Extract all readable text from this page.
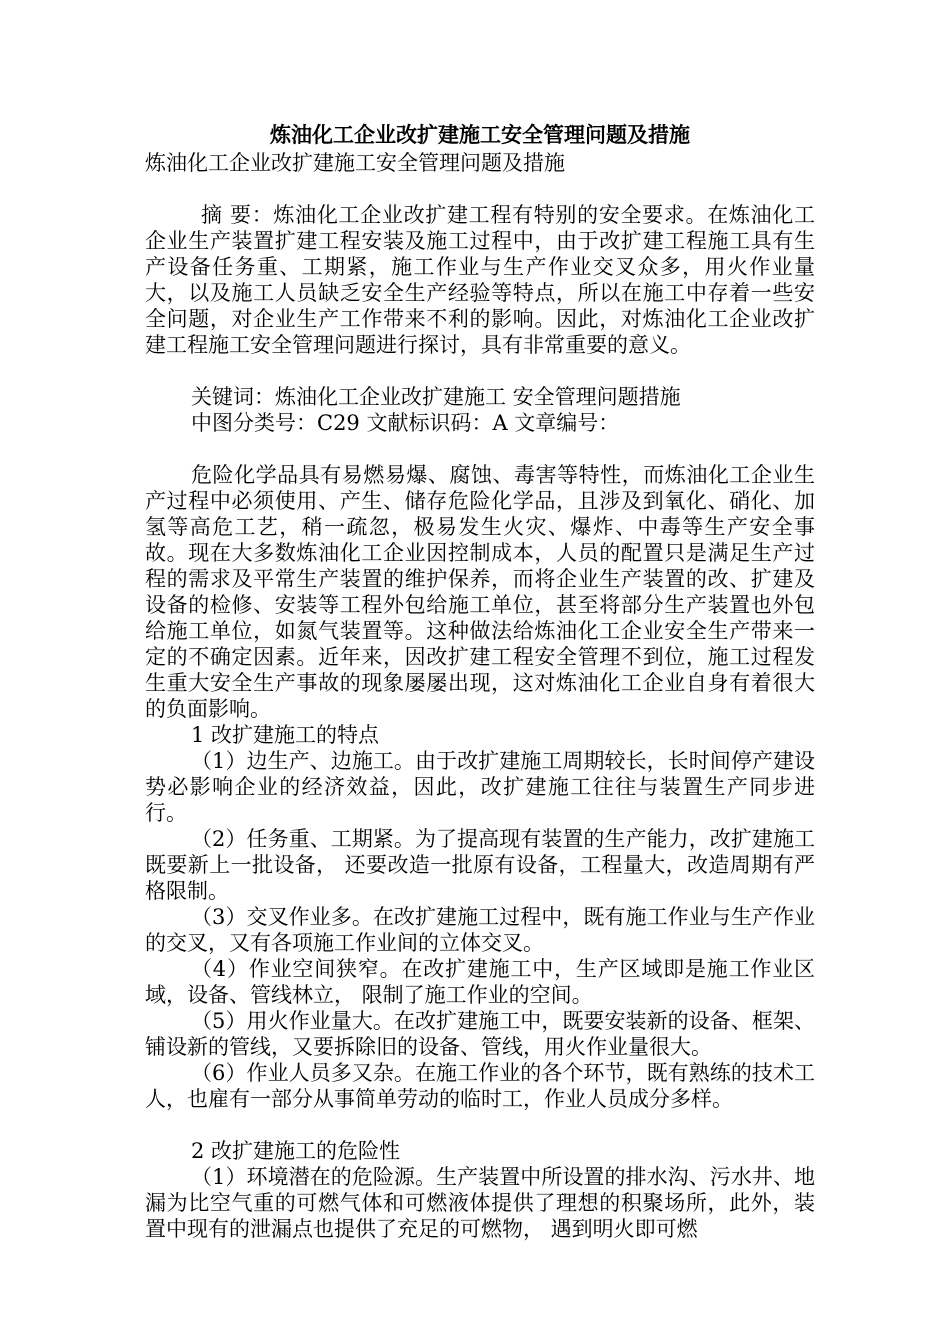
炼油化工企业改扩建施工安全管理问题及措施

炼油化工企业改扩建施工安全管理问题及措施

摘 要：炼油化工企业改扩建工程有特别的安全要求。在炼油化工企业生产装置扩建工程安装及施工过程中，由于改扩建工程施工具有生产设备任务重、工期紧，施工作业与生产作业交叉众多，用火作业量大，以及施工人员缺乏安全生产经验等特点，所以在施工中存着一些安全问题，对企业生产工作带来不利的影响。因此，对炼油化工企业改扩建工程施工安全管理问题进行探讨，具有非常重要的意义。

关键词：炼油化工企业改扩建施工 安全管理问题措施

中图分类号：C29 文献标识码：A 文章编号：

危险化学品具有易燃易爆、腐蚀、毒害等特性，而炼油化工企业生产过程中必须使用、产生、储存危险化学品，且涉及到氧化、硝化、加氢等高危工艺，稍一疏忽，极易发生火灾、爆炸、中毒等生产安全事故。现在大多数炼油化工企业因控制成本，人员的配置只是满足生产过程的需求及平常生产装置的维护保养，而将企业生产装置的改、扩建及设备的检修、安装等工程外包给施工单位，甚至将部分生产装置也外包给施工单位，如氮气装置等。这种做法给炼油化工企业安全生产带来一定的不确定因素。近年来，因改扩建工程安全管理不到位，施工过程发生重大安全生产事故的现象屡屡出现，这对炼油化工企业自身有着很大的负面影响。

1 改扩建施工的特点

（1）边生产、边施工。由于改扩建施工周期较长，长时间停产建设势必影响企业的经济效益，因此，改扩建施工往往与装置生产同步进行。

（2）任务重、工期紧。为了提高现有装置的生产能力，改扩建施工既要新上一批设备， 还要改造一批原有设备，工程量大，改造周期有严格限制。

（3）交叉作业多。在改扩建施工过程中，既有施工作业与生产作业的交叉，又有各项施工作业间的立体交叉。

（4）作业空间狭窄。在改扩建施工中，生产区域即是施工作业区域，设备、管线林立， 限制了施工作业的空间。

（5）用火作业量大。在改扩建施工中，既要安装新的设备、框架、铺设新的管线，又要拆除旧的设备、管线，用火作业量很大。

（6）作业人员多又杂。在施工作业的各个环节，既有熟练的技术工人，也雇有一部分从事简单劳动的临时工，作业人员成分多样。

2 改扩建施工的危险性

（1）环境潜在的危险源。生产装置中所设置的排水沟、污水井、地漏为比空气重的可燃气体和可燃液体提供了理想的积聚场所，此外，装置中现有的泄漏点也提供了充足的可燃物， 遇到明火即可燃
